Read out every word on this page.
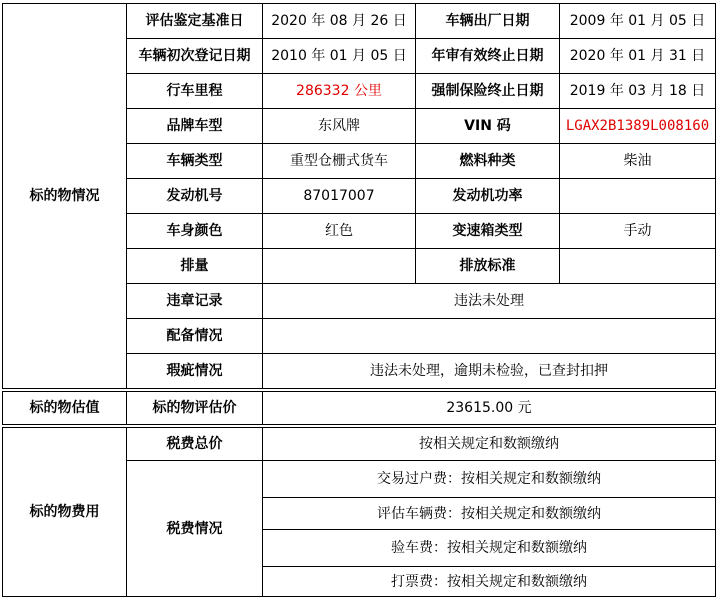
标的物情况	评估鉴定基准日	2020 年 08 月 26 日	车辆出厂日期	2009 年 01 月 05 日
	车辆初次登记日期	2010 年 01 月 05 日	年审有效终止日期	2020 年 01 月 31 日
	行车里程	286332 公里	强制保险终止日期	2019 年 03 月 18 日
	品牌车型	东风牌	VIN 码	LGAX2B1389L008160
	车辆类型	重型仓栅式货车	燃料种类	柴油
	发动机号	87017007	发动机功率	
	车身颜色	红色	变速箱类型	手动
	排量		排放标准	
	违章记录	违法未处理		
	配备情况			
	瑕疵情况	违法未处理，逾期未检验，已查封扣押		

标的物估值	标的物评估价	23615.00 元		

标的物费用	税费总价	按相关规定和数额缴纳		
	税费情况	交易过户费：按相关规定和数额缴纳		
		评估车辆费：按相关规定和数额缴纳		
		验车费：按相关规定和数额缴纳		
		打票费：按相关规定和数额缴纳		
